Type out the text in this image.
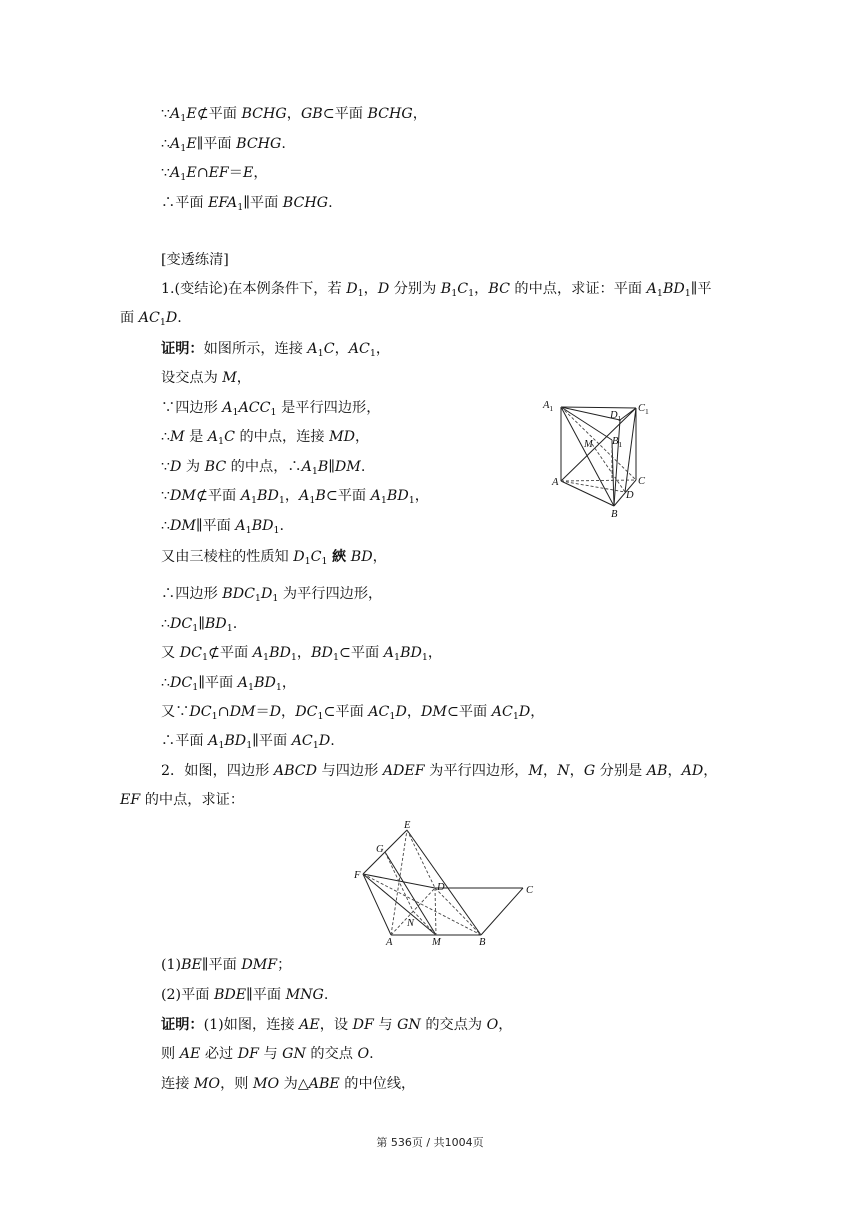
$\because A_1E⊄$平面 BCHG，GB⊂平面 BCHG，
$\therefore A_1E\parallel$平面 BCHG.
$\because A_1E\cap EF=E$，
∴平面 $EFA_1\parallel$平面 BCHG.
[变透练清]
1.(变结论)在本例条件下，若 $D_1$，D 分别为 $B_1C_1$，BC 的中点，求证：平面 $A_1BD_1\parallel$平
面 $AC_1D$.
证明：如图所示，连接 $A_1C$，$AC_1$，
设交点为 M，
∵四边形 $A_1ACC_1$ 是平行四边形，
∴M 是 $A_1C$ 的中点，连接 MD，
∵D 为 BC 的中点，$\therefore A_1B\parallel DM$.
∵DM⊄平面 $A_1BD_1$，$A_1B\subset$平面 $A_1BD_1$，
∴DM∥平面 $A_1BD_1$.
又由三棱柱的性质知 $D_1C_1$ 綊 BD，
∴四边形 $BDC_1D_1$ 为平行四边形，
$\therefore DC_1\parallel BD_1$.
又 $DC_1⊄$平面 $A_1BD_1$，$BD_1\subset$平面 $A_1BD_1$，
$\therefore DC_1\parallel$平面 $A_1BD_1$，
又$\because DC_1\cap DM=D$，$DC_1\subset$平面 $AC_1D$，DM⊂平面 $AC_1D$，
∴平面 $A_1BD_1\parallel$平面 $AC_1D$.
2．如图，四边形 ABCD 与四边形 ADEF 为平行四边形，M，N，G 分别是 AB，AD，
EF 的中点，求证：
(1)BE∥平面 DMF；
(2)平面 BDE∥平面 MNG.
证明：(1)如图，连接 AE，设 DF 与 GN 的交点为 O，
则 AE 必过 DF 与 GN 的交点 O.
连接 MO，则 MO 为△ABE 的中位线，
$A_1$
$D_1$
$C_1$
M $B_1$
A	C
D
B
E
G
F
D	C
N
A	M	B
第 536页 / 共1004页
